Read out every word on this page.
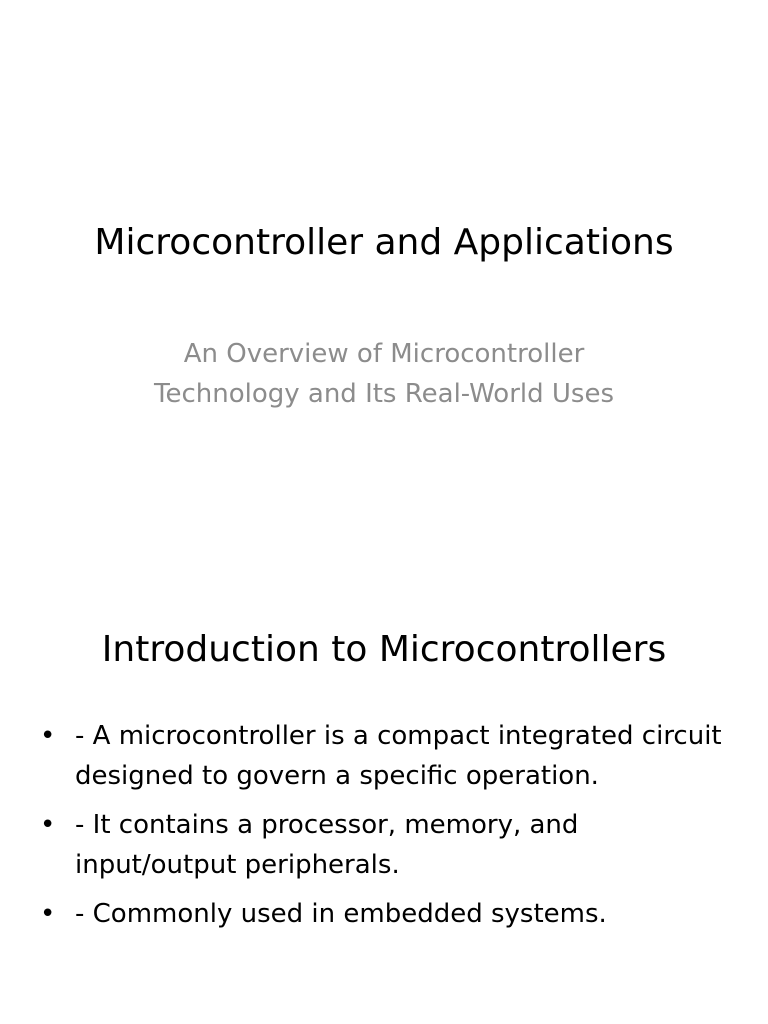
Microcontroller and Applications

An Overview of Microcontroller
Technology and Its Real-World Uses

Introduction to Microcontrollers
• - A microcontroller is a compact integrated circuit designed to govern a specific operation.
• - It contains a processor, memory, and input/output peripherals.
• - Commonly used in embedded systems.
